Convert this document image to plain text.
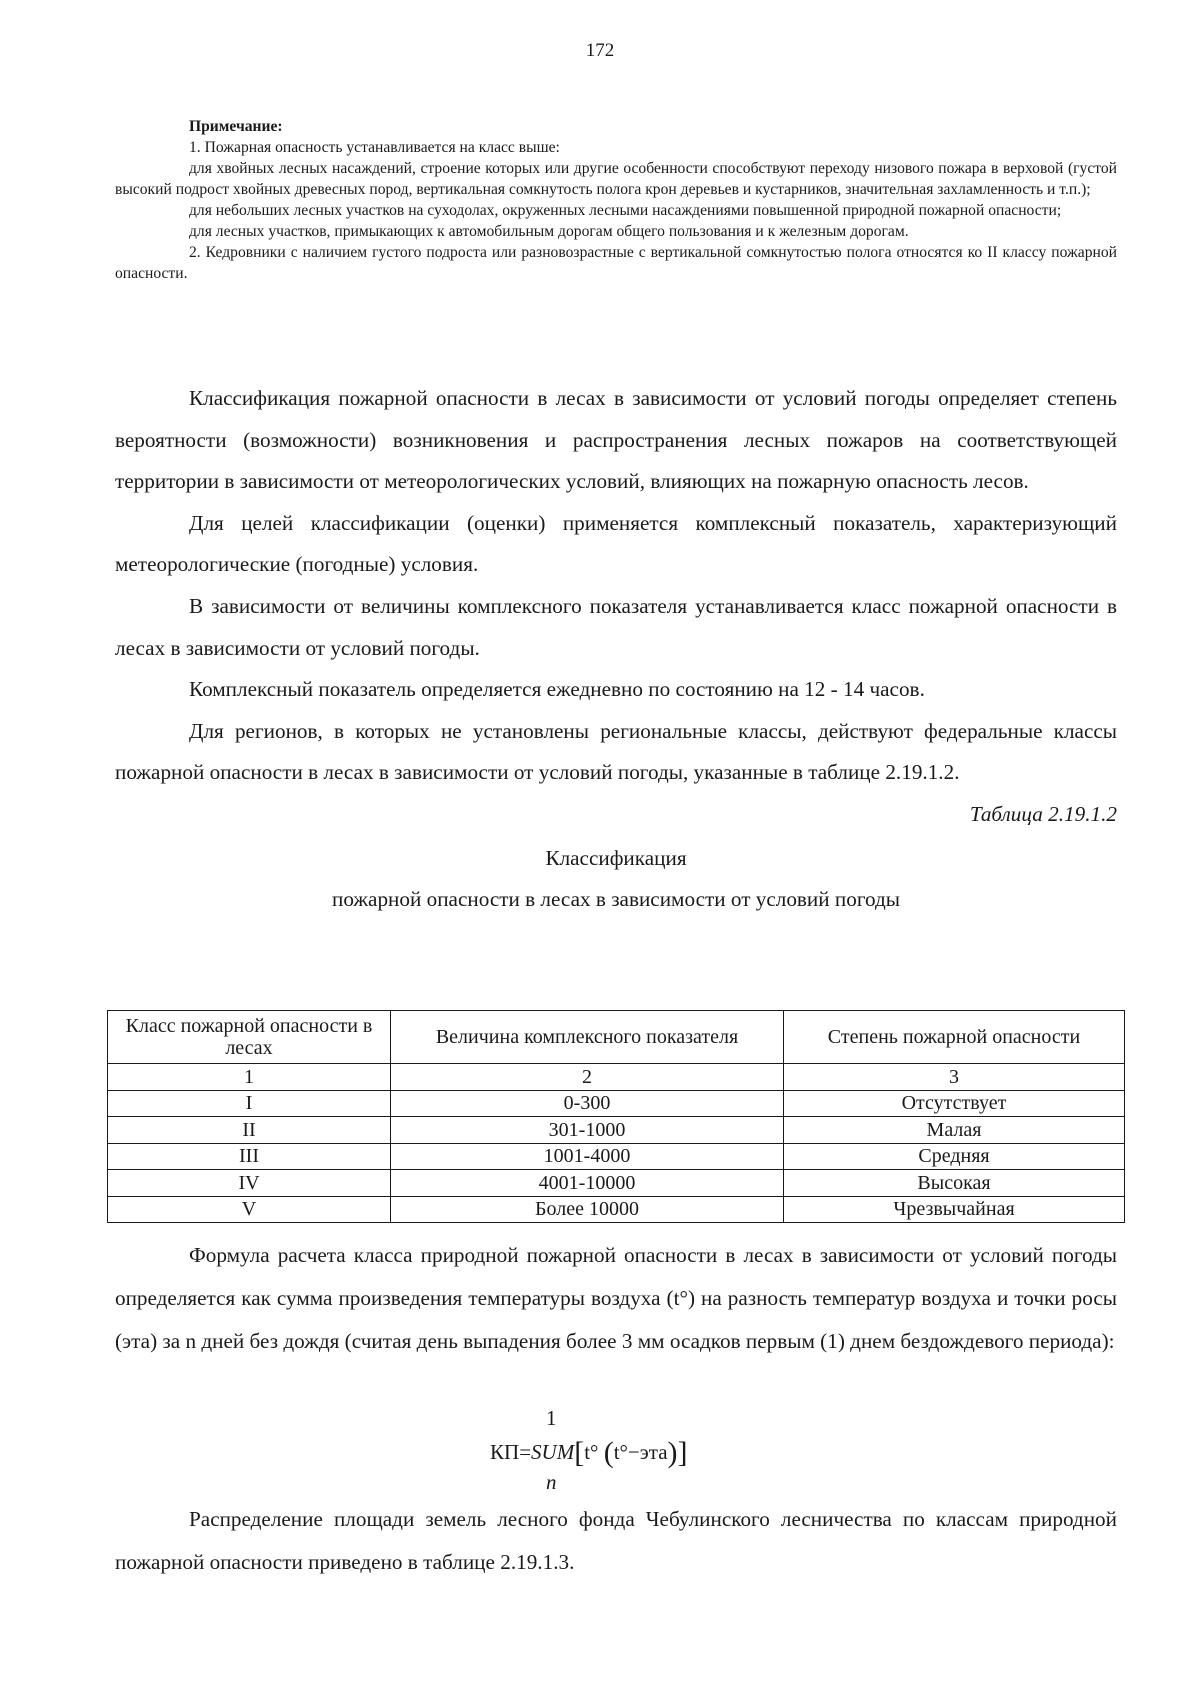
172

Примечание:

1. Пожарная опасность устанавливается на класс выше:

для хвойных лесных насаждений, строение которых или другие особенности способствуют переходу низового пожара в верховой (густой высокий подрост хвойных древесных пород, вертикальная сомкнутость полога крон деревьев и кустарников, значительная захламленность и т.п.);

для небольших лесных участков на суходолах, окруженных лесными насаждениями повышенной природной пожарной опасности;

для лесных участков, примыкающих к автомобильным дорогам общего пользования и к железным дорогам.

2. Кедровники с наличием густого подроста или разновозрастные с вертикальной сомкнутостью полога относятся ко II классу пожарной опасности.

Классификация пожарной опасности в лесах в зависимости от условий погоды определяет степень вероятности (возможности) возникновения и распространения лесных пожаров на соответствующей территории в зависимости от метеорологических условий, влияющих на пожарную опасность лесов.

Для целей классификации (оценки) применяется комплексный показатель, характеризующий метеорологические (погодные) условия.

В зависимости от величины комплексного показателя устанавливается класс пожарной опасности в лесах в зависимости от условий погоды.

Комплексный показатель определяется ежедневно по состоянию на 12 - 14 часов.

Для регионов, в которых не установлены региональные классы, действуют федеральные классы пожарной опасности в лесах в зависимости от условий погоды, указанные в таблице 2.19.1.2.

Таблица 2.19.1.2

Классификация

пожарной опасности в лесах в зависимости от условий погоды

Класс пожарной опасности в лесах	Величина комплексного показателя	Степень пожарной опасности
1	2	3
I	0-300	Отсутствует
II	301-1000	Малая
III	1001-4000	Средняя
IV	4001-10000	Высокая
V	Более 10000	Чрезвычайная

Формула расчета класса природной пожарной опасности в лесах в зависимости от условий погоды определяется как сумма произведения температуры воздуха (t°) на разность температур воздуха и точки росы (эта) за n дней без дождя (считая день выпадения более 3 мм осадков первым (1) днем бездождевого периода):

1
КП=SUM[t° (t°−эта)]
n

Распределение площади земель лесного фонда Чебулинского лесничества по классам природной пожарной опасности приведено в таблице 2.19.1.3.
